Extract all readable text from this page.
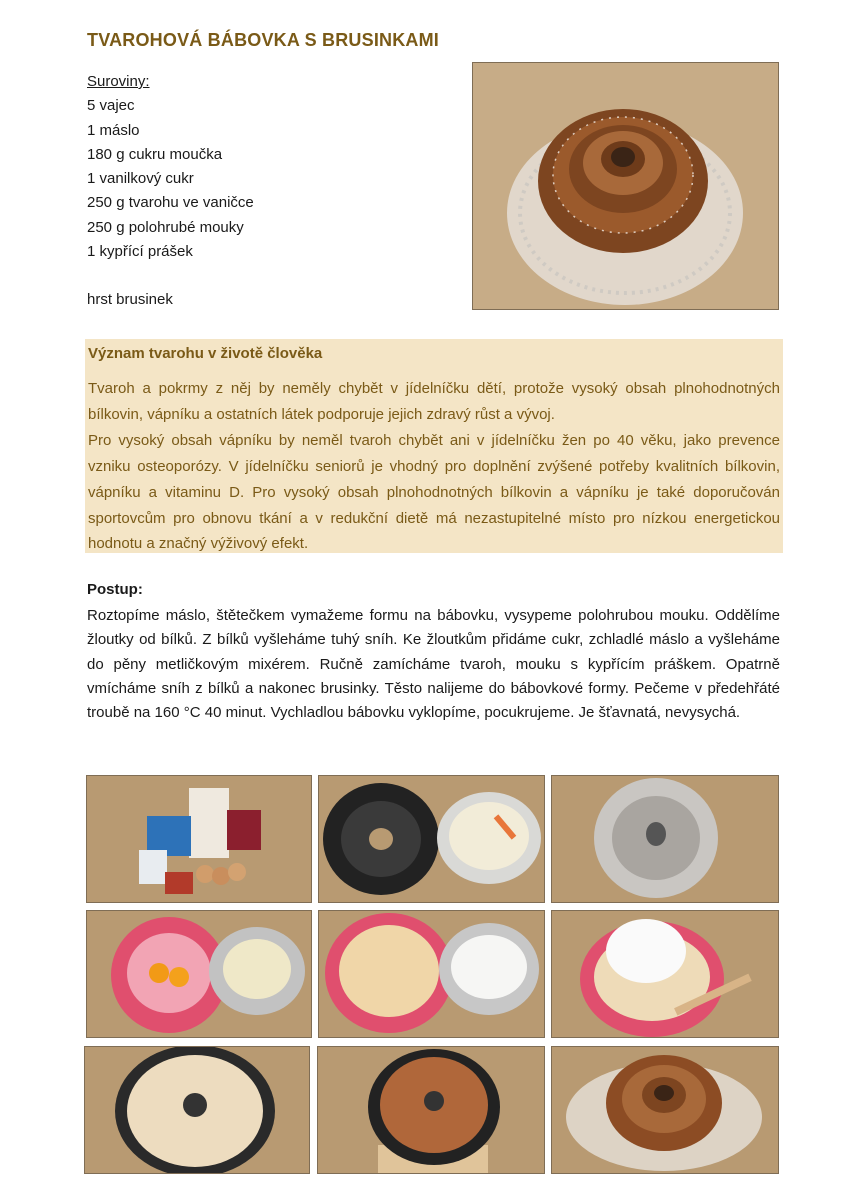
TVAROHOVÁ BÁBOVKA S BRUSINKAMI
Suroviny:
5 vajec
1 máslo
180 g cukru moučka
1 vanilkový cukr
250 g tvarohu ve vaničce
250 g polohrubé mouky
1 kypřící prášek
hrst brusinek
Význam tvarohu v životě člověka

Tvaroh a pokrmy z něj by neměly chybět v jídelníčku dětí, protože vysoký obsah plnohodnotných bílkovin, vápníku a ostatních látek podporuje jejich zdravý růst a vývoj.

Pro vysoký obsah vápníku by neměl tvaroh chybět ani v jídelníčku žen po 40 věku, jako prevence vzniku osteoporózy. V jídelníčku seniorů je vhodný pro doplnění zvýšené potřeby kvalitních bílkovin, vápníku a vitaminu D. Pro vysoký obsah plnohodnotných bílkovin a vápníku je také doporučován sportovcům pro obnovu tkání a v redukční dietě má nezastupitelné místo pro nízkou energetickou hodnotu a značný výživový efekt.

Postup:
Roztopíme máslo, štětečkem vymažeme formu na bábovku, vysypeme polohrubou mouku. Oddělíme žloutky od bílků. Z bílků vyšleháme tuhý sníh. Ke žloutkům přidáme cukr, zchladlé máslo a vyšleháme do pěny metličkovým mixérem. Ručně zamícháme tvaroh, mouku s kypřícím práškem. Opatrně vmícháme sníh z bílků a nakonec brusinky. Těsto nalijeme do bábovkové formy. Pečeme v předehřáté troubě na 160 °C 40 minut. Vychladlou bábovku vyklopíme, pocukrujeme. Je šťavnatá, nevysychá.
